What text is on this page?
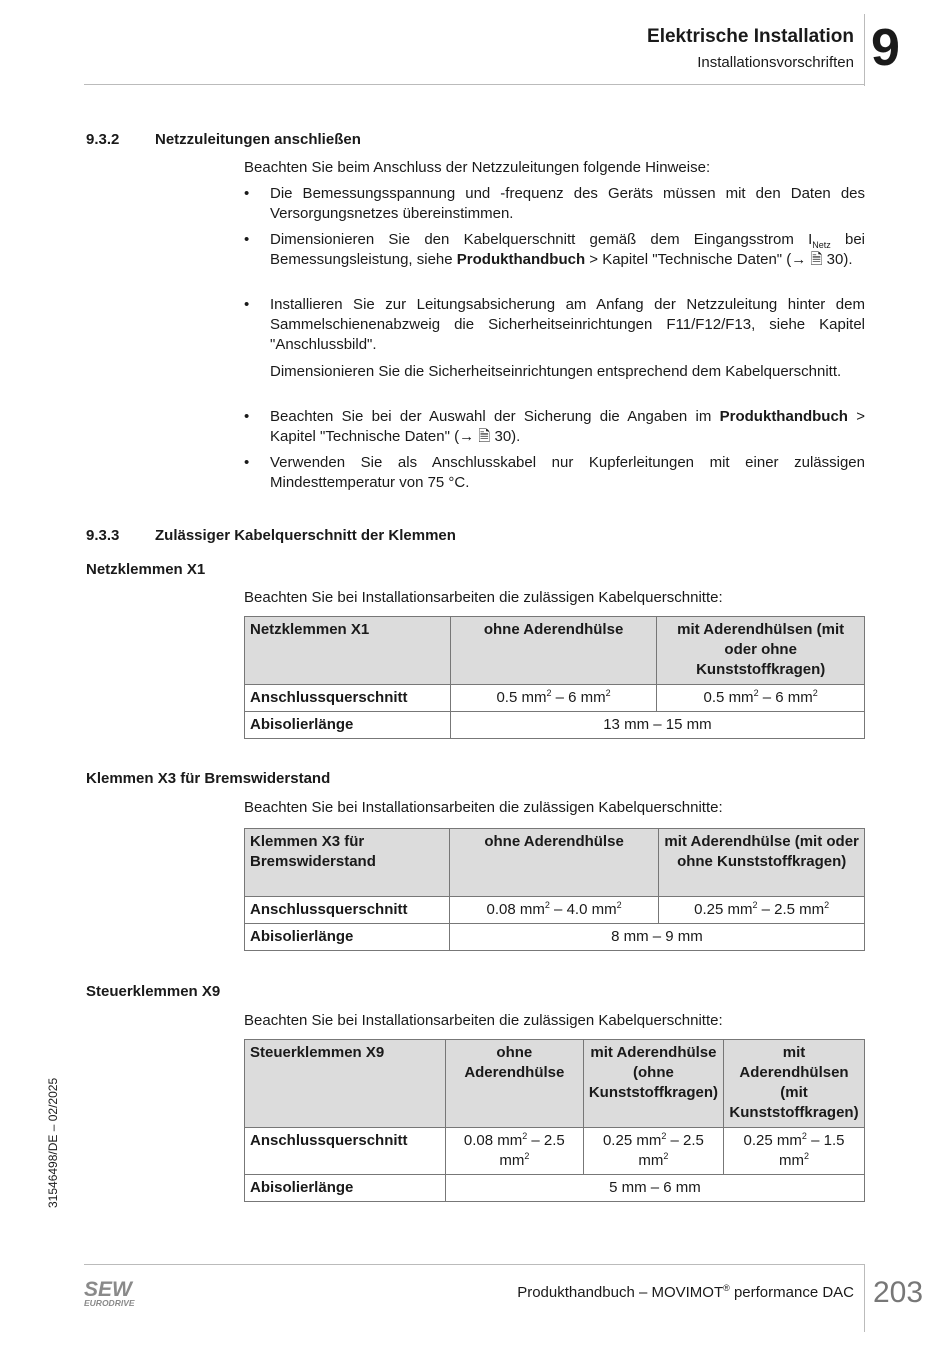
Elektrische Installation
Installationsvorschriften 9
9.3.2 Netzzuleitungen anschließen
Beachten Sie beim Anschluss der Netzzuleitungen folgende Hinweise:
• Die Bemessungsspannung und -frequenz des Geräts müssen mit den Daten des Versorgungsnetzes übereinstimmen.
• Dimensionieren Sie den Kabelquerschnitt gemäß dem Eingangsstrom $I_{Netz}$ bei Bemessungsleistung, siehe Produkthandbuch > Kapitel "Technische Daten" (→ 🗎 30).
• Installieren Sie zur Leitungsabsicherung am Anfang der Netzzuleitung hinter dem Sammelschienenabzweig die Sicherheitseinrichtungen F11/F12/F13, siehe Kapitel "Anschlussbild".
Dimensionieren Sie die Sicherheitseinrichtungen entsprechend dem Kabelquerschnitt.
• Beachten Sie bei der Auswahl der Sicherung die Angaben im Produkthandbuch > Kapitel "Technische Daten" (→ 🗎 30).
• Verwenden Sie als Anschlusskabel nur Kupferleitungen mit einer zulässigen Mindesttemperatur von 75 °C.
9.3.3 Zulässiger Kabelquerschnitt der Klemmen
Netzklemmen X1
Beachten Sie bei Installationsarbeiten die zulässigen Kabelquerschnitte:
Netzklemmen X1	ohne Aderendhülse	mit Aderendhülsen (mit oder ohne Kunststoffkragen)
Anschlussquerschnitt	0.5 $mm^2 - 6$ $mm^2$	0.5 $mm^2 - 6$ $mm^2$
Abisolierlänge	13 mm – 15 mm	
Klemmen X3 für Bremswiderstand
Beachten Sie bei Installationsarbeiten die zulässigen Kabelquerschnitte:
Klemmen X3 für Bremswiderstand	ohne Aderendhülse	mit Aderendhülse (mit oder ohne Kunststoffkragen)
Anschlussquerschnitt	0.08 $mm^2 - 4.0$ $mm^2$	0.25 $mm^2 - 2.5$ $mm^2$
Abisolierlänge	8 mm – 9 mm	
Steuerklemmen X9
Beachten Sie bei Installationsarbeiten die zulässigen Kabelquerschnitte:
Steuerklemmen X9	ohne Aderendhülse	mit Aderendhülse (ohne Kunststoffkragen)	mit Aderendhülsen (mit Kunststoffkragen)
Anschlussquerschnitt	0.08 $mm^2 - 2.5$ $mm^2$	0.25 $mm^2 - 2.5$ $mm^2$	0.25 $mm^2 - 1.5$ $mm^2$
Abisolierlänge	5 mm – 6 mm		
31546498/DE – 02/2025
SEW
EURODRIVE
Produkthandbuch – MOVIMOT® performance DAC 203
